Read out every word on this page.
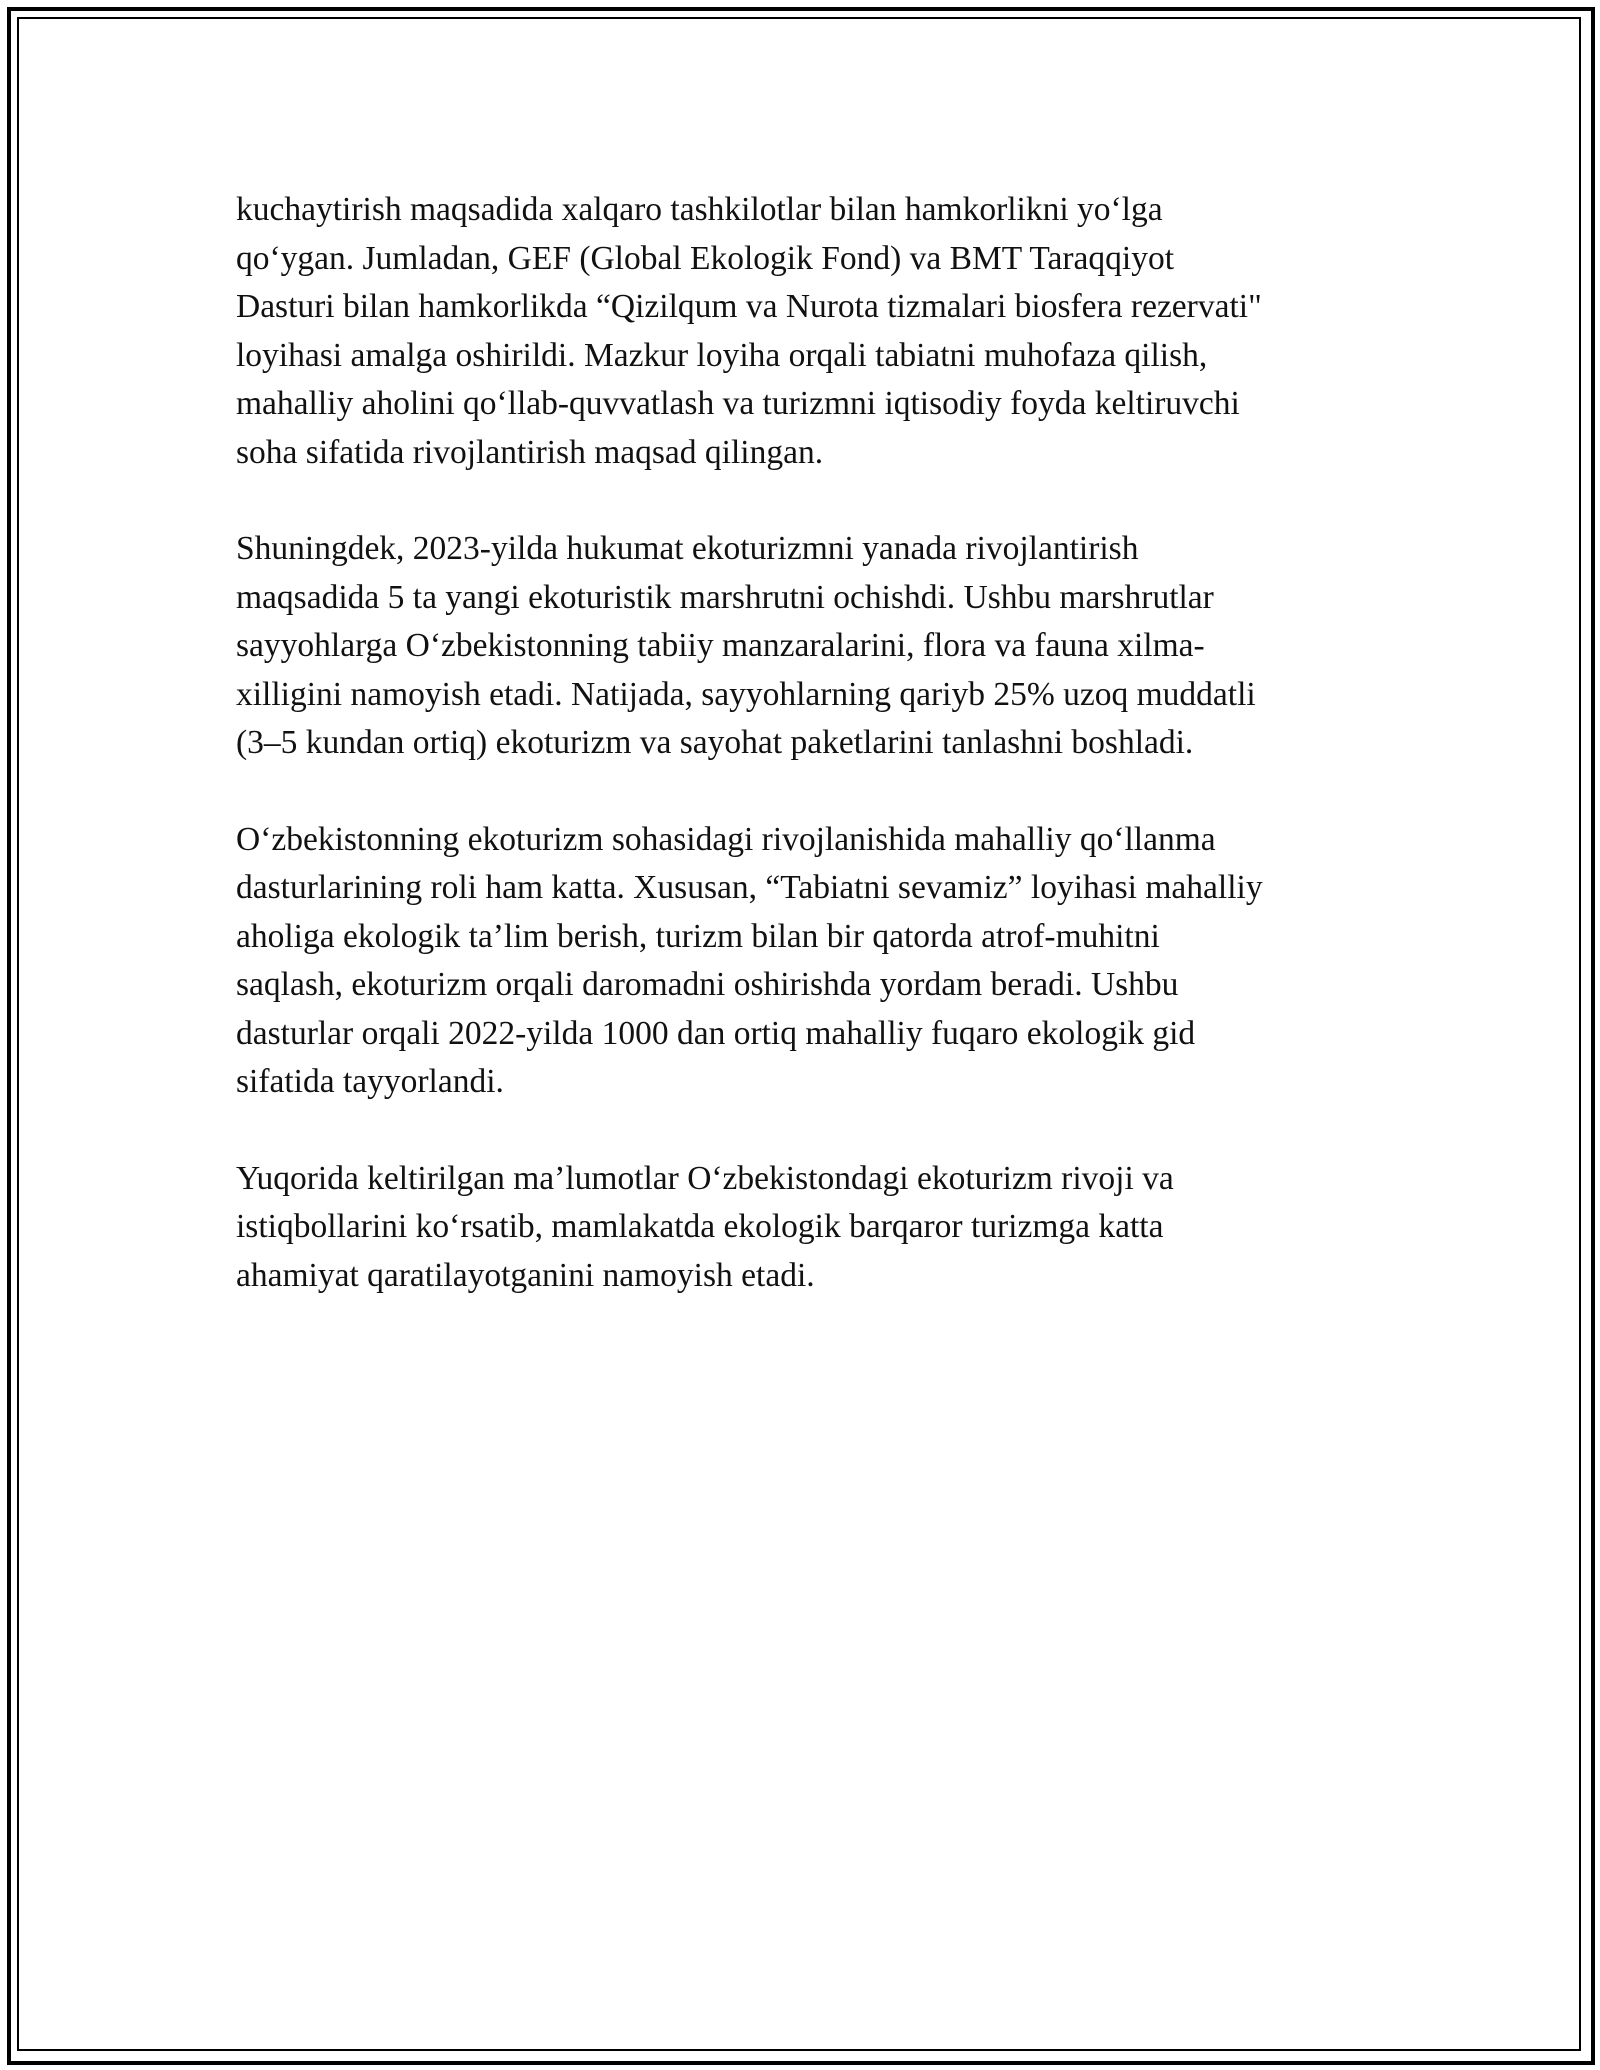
kuchaytirish maqsadida xalqaro tashkilotlar bilan hamkorlikni yo‘lga
qo‘ygan. Jumladan, GEF (Global Ekologik Fond) va BMT Taraqqiyot
Dasturi bilan hamkorlikda “Qizilqum va Nurota tizmalari biosfera rezervati"
loyihasi amalga oshirildi. Mazkur loyiha orqali tabiatni muhofaza qilish,
mahalliy aholini qo‘llab-quvvatlash va turizmni iqtisodiy foyda keltiruvchi
soha sifatida rivojlantirish maqsad qilingan.

Shuningdek, 2023-yilda hukumat ekoturizmni yanada rivojlantirish
maqsadida 5 ta yangi ekoturistik marshrutni ochishdi. Ushbu marshrutlar
sayyohlarga O‘zbekistonning tabiiy manzaralarini, flora va fauna xilma-
xilligini namoyish etadi. Natijada, sayyohlarning qariyb 25% uzoq muddatli
(3–5 kundan ortiq) ekoturizm va sayohat paketlarini tanlashni boshladi.

O‘zbekistonning ekoturizm sohasidagi rivojlanishida mahalliy qo‘llanma
dasturlarining roli ham katta. Xususan, “Tabiatni sevamiz” loyihasi mahalliy
aholiga ekologik ta’lim berish, turizm bilan bir qatorda atrof-muhitni
saqlash, ekoturizm orqali daromadni oshirishda yordam beradi. Ushbu
dasturlar orqali 2022-yilda 1000 dan ortiq mahalliy fuqaro ekologik gid
sifatida tayyorlandi.

Yuqorida keltirilgan ma’lumotlar O‘zbekistondagi ekoturizm rivoji va
istiqbollarini ko‘rsatib, mamlakatda ekologik barqaror turizmga katta
ahamiyat qaratilayotganini namoyish etadi.
